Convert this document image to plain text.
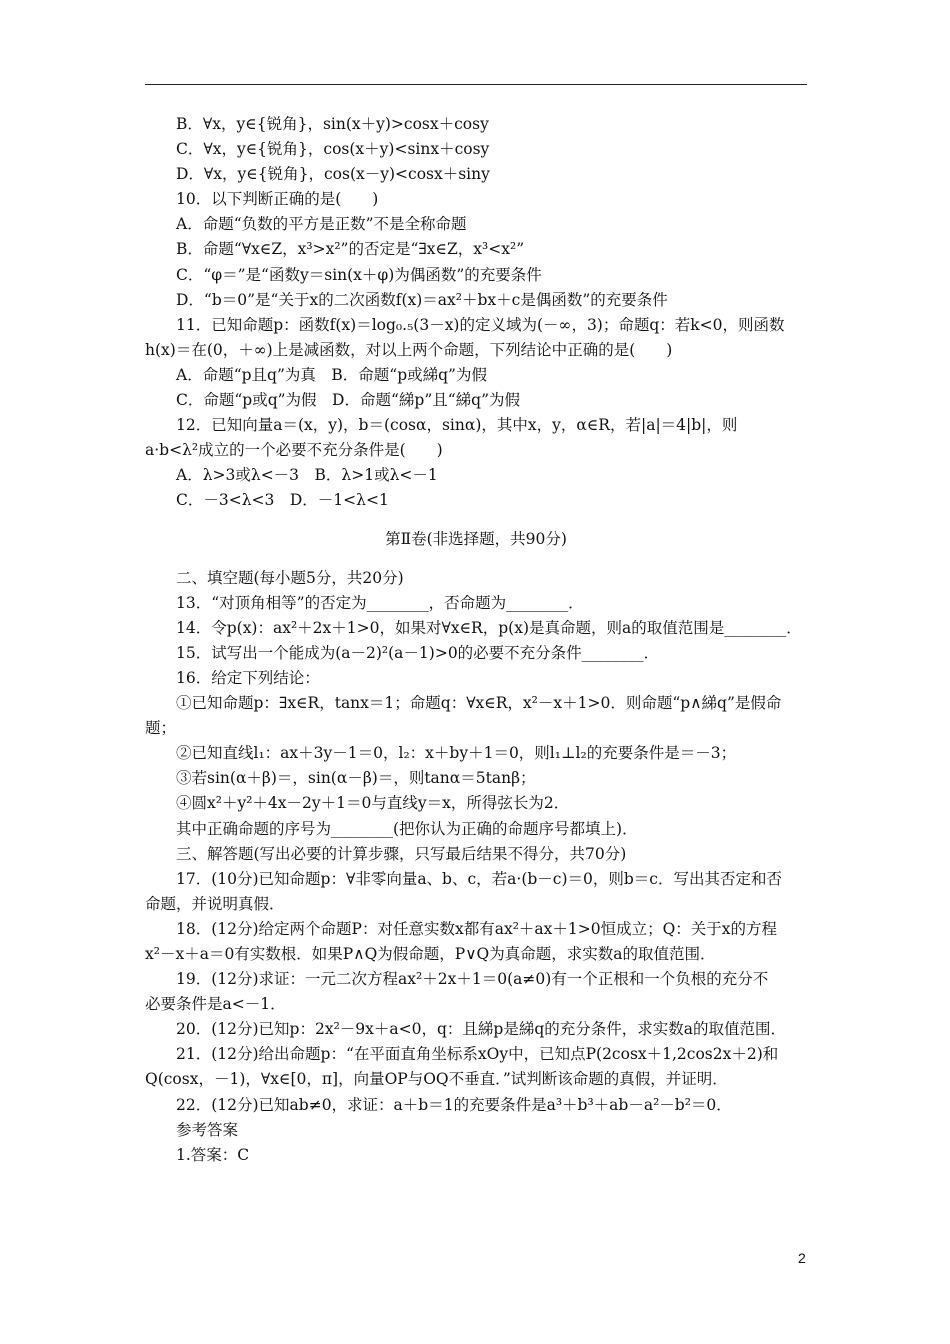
B．∀x，y∈{锐角}，sin(x＋y)>cosx＋cosy
C．∀x，y∈{锐角}，cos(x＋y)<sinx＋cosy
D．∀x，y∈{锐角}，cos(x－y)<cosx＋siny
10．以下判断正确的是(　　)
A．命题“负数的平方是正数”不是全称命题
B．命题“∀x∈Z，x³>x²”的否定是“∃x∈Z，x³<x²”
C．“φ＝”是“函数y＝sin(x＋φ)为偶函数”的充要条件
D．“b＝0”是“关于x的二次函数f(x)＝ax²＋bx＋c是偶函数”的充要条件
11．已知命题p：函数f(x)＝log₀.₅(3－x)的定义域为(－∞，3)；命题q：若k<0，则函数
h(x)＝在(0，＋∞)上是减函数，对以上两个命题，下列结论中正确的是(　　)
A．命题“p且q”为真　B．命题“p或綈q”为假
C．命题“p或q”为假　D．命题“綈p”且“綈q”为假
12．已知向量a＝(x，y)，b＝(cosα，sinα)，其中x，y，α∈R，若|a|＝4|b|，则
a·b<λ²成立的一个必要不充分条件是(　　)
A．λ>3或λ<－3　B．λ>1或λ<－1
C．－3<λ<3　D．－1<λ<1
第Ⅱ卷(非选择题，共90分)
二、填空题(每小题5分，共20分)
13．“对顶角相等”的否定为________，否命题为________．
14．令p(x)：ax²＋2x＋1>0，如果对∀x∈R，p(x)是真命题，则a的取值范围是________．
15．试写出一个能成为(a－2)²(a－1)>0的必要不充分条件________．
16．给定下列结论：
①已知命题p：∃x∈R，tanx＝1；命题q：∀x∈R，x²－x＋1>0．则命题“p∧綈q”是假命
题；
②已知直线l₁：ax＋3y－1＝0，l₂：x＋by＋1＝0，则l₁⊥l₂的充要条件是＝－3；
③若sin(α＋β)＝，sin(α－β)＝，则tanα＝5tanβ；
④圆x²＋y²＋4x－2y＋1＝0与直线y＝x，所得弦长为2．
其中正确命题的序号为________(把你认为正确的命题序号都填上)．
三、解答题(写出必要的计算步骤，只写最后结果不得分，共70分)
17．(10分)已知命题p：∀非零向量a、b、c，若a·(b－c)＝0，则b＝c．写出其否定和否
命题，并说明真假．
18．(12分)给定两个命题P：对任意实数x都有ax²＋ax＋1>0恒成立；Q：关于x的方程
x²－x＋a＝0有实数根．如果P∧Q为假命题，P∨Q为真命题，求实数a的取值范围．
19．(12分)求证：一元二次方程ax²＋2x＋1＝0(a≠0)有一个正根和一个负根的充分不
必要条件是a<－1．
20．(12分)已知p：2x²－9x＋a<0，q：且綈p是綈q的充分条件，求实数a的取值范围．
21．(12分)给出命题p：“在平面直角坐标系xOy中，已知点P(2cosx＋1,2cos2x＋2)和
Q(cosx，－1)，∀x∈[0，π]，向量OP与OQ不垂直．”试判断该命题的真假，并证明．
22．(12分)已知ab≠0，求证：a＋b＝1的充要条件是a³＋b³＋ab－a²－b²＝0．
参考答案
1.答案：C
2
